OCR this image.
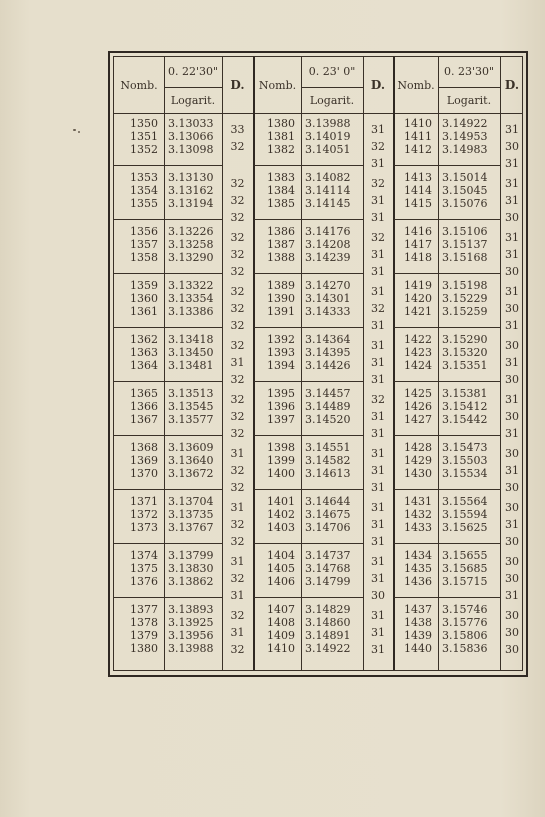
Nomb.
0. 22'30"
Logarit.
D.
1350
1351
1352
3.13033
3.13066
3.13098
33
32
1353
1354
1355
3.13130
3.13162
3.13194
32
32
32
1356
1357
1358
3.13226
3.13258
3.13290
32
32
32
1359
1360
1361
3.13322
3.13354
3.13386
32
32
32
1362
1363
1364
3.13418
3.13450
3.13481
32
31
32
1365
1366
1367
3.13513
3.13545
3.13577
32
32
32
1368
1369
1370
3.13609
3.13640
3.13672
31
32
32
1371
1372
1373
3.13704
3.13735
3.13767
31
32
32
1374
1375
1376
3.13799
3.13830
3.13862
31
32
31
1377
1378
1379
1380
3.13893
3.13925
3.13956
3.13988
32
31
32
Nomb.
0. 23' 0"
Logarit.
D.
1380
1381
1382
3.13988
3.14019
3.14051
31
32
31
1383
1384
1385
3.14082
3.14114
3.14145
32
31
31
1386
1387
1388
3.14176
3.14208
3.14239
32
31
31
1389
1390
1391
3.14270
3.14301
3.14333
31
32
31
1392
1393
1394
3.14364
3.14395
3.14426
31
31
31
1395
1396
1397
3.14457
3.14489
3.14520
32
31
31
1398
1399
1400
3.14551
3.14582
3.14613
31
31
31
1401
1402
1403
3.14644
3.14675
3.14706
31
31
31
1404
1405
1406
3.14737
3.14768
3.14799
31
31
30
1407
1408
1409
1410
3.14829
3.14860
3.14891
3.14922
31
31
31
Nomb.
0. 23'30"
Logarit.
D.
1410
1411
1412
3.14922
3.14953
3.14983
31
30
31
1413
1414
1415
3.15014
3.15045
3.15076
31
31
30
1416
1417
1418
3.15106
3.15137
3.15168
31
31
30
1419
1420
1421
3.15198
3.15229
3.15259
31
30
31
1422
1423
1424
3.15290
3.15320
3.15351
30
31
30
1425
1426
1427
3.15381
3.15412
3.15442
31
30
31
1428
1429
1430
3.15473
3.15503
3.15534
30
31
30
1431
1432
1433
3.15564
3.15594
3.15625
30
31
30
1434
1435
1436
3.15655
3.15685
3.15715
30
30
31
1437
1438
1439
1440
3.15746
3.15776
3.15806
3.15836
30
30
30
